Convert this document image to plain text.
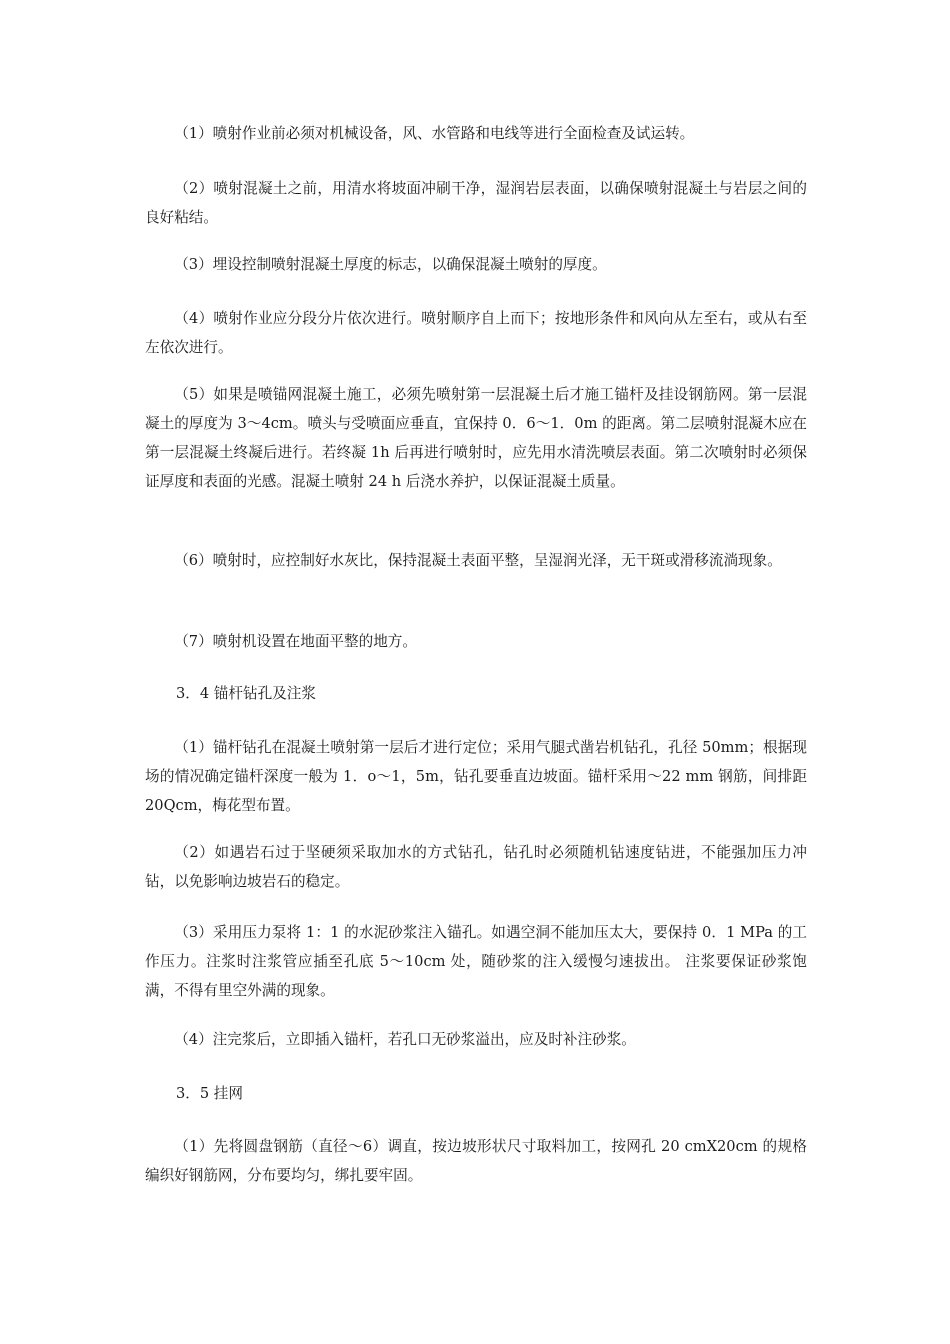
（1）喷射作业前必须对机械设备，风、水管路和电线等进行全面检查及试运转。

（2）喷射混凝土之前，用清水将坡面冲刷干净，湿润岩层表面，以确保喷射混凝土与岩层之间的良好粘结。

（3）埋设控制喷射混凝土厚度的标志，以确保混凝土喷射的厚度。

（4）喷射作业应分段分片依次进行。喷射顺序自上而下；按地形条件和风向从左至右，或从右至左依次进行。

（5）如果是喷锚网混凝土施工，必须先喷射第一层混凝土后才施工锚杆及挂设钢筋网。第一层混凝土的厚度为 3～4cm。喷头与受喷面应垂直，宜保持 0．6～1．0m 的距离。第二层喷射混凝木应在第一层混凝土终凝后进行。若终凝 1h 后再进行喷射时，应先用水清洗喷层表面。第二次喷射时必须保证厚度和表面的光感。混凝土喷射 24 h 后浇水养护，以保证混凝土质量。

（6）喷射时，应控制好水灰比，保持混凝土表面平整，呈湿润光泽，无干斑或滑移流淌现象。

（7）喷射机设置在地面平整的地方。

3．4 锚杆钻孔及注浆

（1）锚杆钻孔在混凝土喷射第一层后才进行定位；采用气腿式凿岩机钻孔，孔径 50mm；根据现场的情况确定锚杆深度一般为 1．o～1，5m，钻孔要垂直边坡面。锚杆采用～22 mm 钢筋，间排距 20Qcm，梅花型布置。

（2）如遇岩石过于坚硬须采取加水的方式钻孔，钻孔时必须随机钻速度钻进，不能强加压力冲钻，以免影响边坡岩石的稳定。

（3）采用压力泵将 1：1 的水泥砂浆注入锚孔。如遇空洞不能加压太大，要保持 0．1 MPa 的工作压力。注浆时注浆管应插至孔底 5～10cm 处，随砂浆的注入缓慢匀速拔出。 注浆要保证砂浆饱满，不得有里空外满的现象。

（4）注完浆后，立即插入锚杆，若孔口无砂浆溢出，应及时补注砂浆。

3．5 挂网

（1）先将圆盘钢筋（直径～6）调直，按边坡形状尺寸取料加工，按网孔 20 cmX20cm 的规格编织好钢筋网，分布要均匀，绑扎要牢固。
